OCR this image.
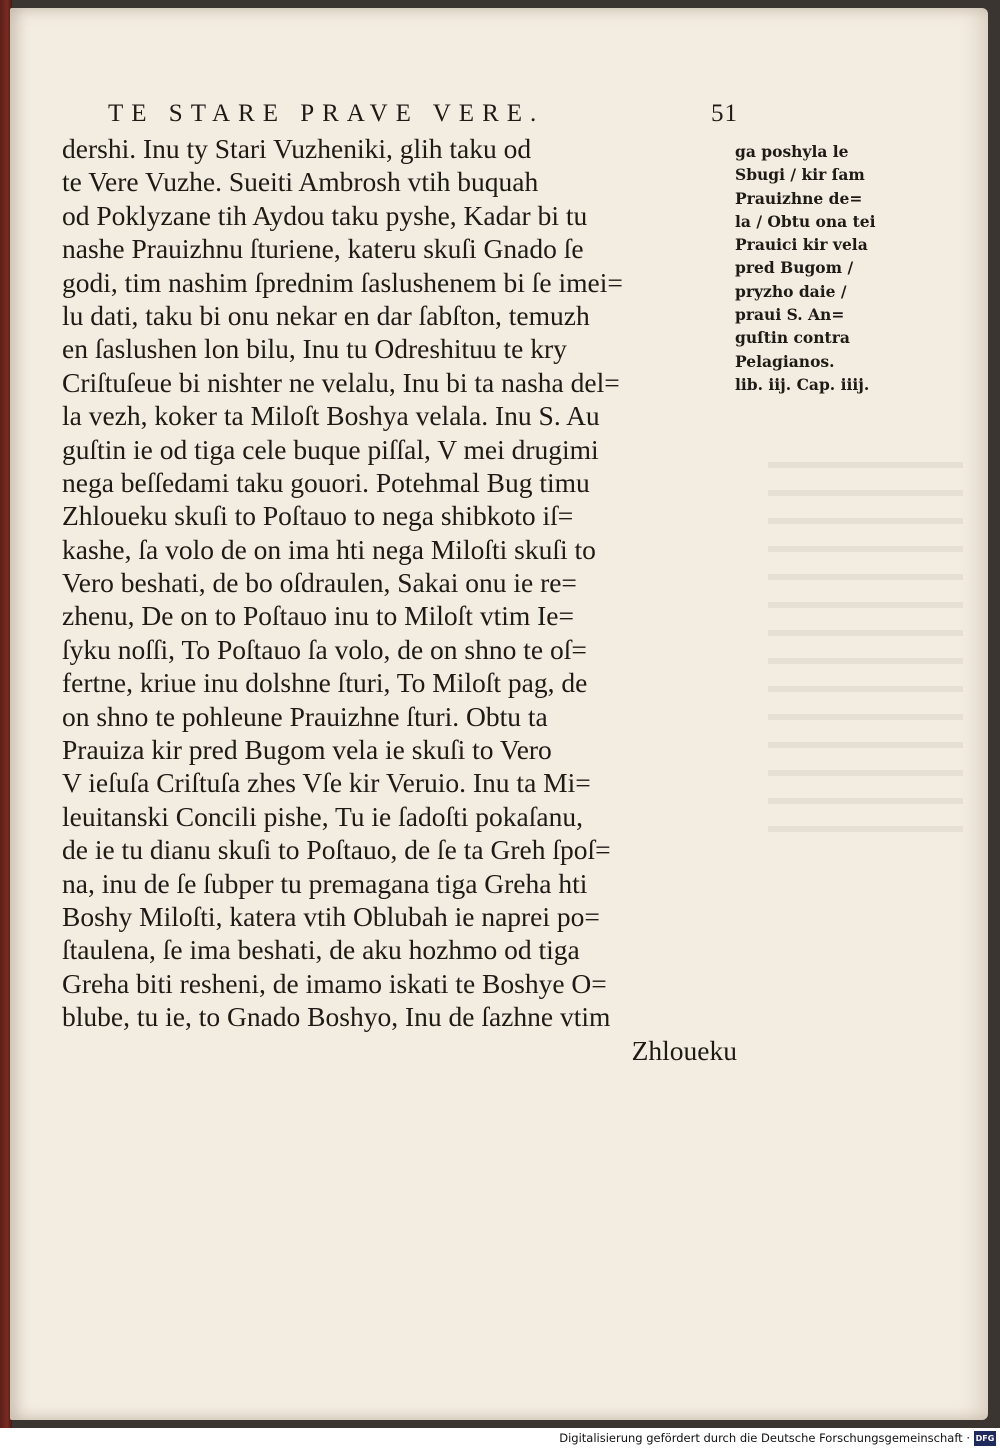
TE STARE PRAVE VERE.	51
dershi. Inu ty Stari Vuzheniki, glih taku od
te Vere Vuzhe. Sueiti Ambrosh vtih buquah
od Poklyzane tih Aydou taku pyshe, Kadar bi tu
nashe Prauizhnu ſturiene, kateru skuſi Gnado ſe
godi, tim nashim ſprednim ſaslushenem bi ſe imei=
lu dati, taku bi onu nekar en dar ſabſton, temuzh
en ſaslushen lon bilu, Inu tu Odreshituu te kry
Criſtuſeue bi nishter ne velalu, Inu bi ta nasha del=
la vezh, koker ta Miloſt Boshya velala. Inu S. Au
guſtin ie od tiga cele buque piſſal, V mei drugimi
nega beſſedami taku gouori. Potehmal Bug timu
Zhloueku skuſi to Poſtauo to nega shibkoto iſ=
kashe, ſa volo de on ima hti nega Miloſti skuſi to
Vero beshati, de bo oſdraulen, Sakai onu ie re=
zhenu, De on to Poſtauo inu to Miloſt vtim Ie=
ſyku noſſi, To Poſtauo ſa volo, de on shno te oſ=
fertne, kriue inu dolshne ſturi, To Miloſt pag, de
on shno te pohleune Prauizhne ſturi. Obtu ta
Prauiza kir pred Bugom vela ie skuſi to Vero
V ieſuſa Criſtuſa zhes Vſe kir Veruio. Inu ta Mi=
leuitanski Concili pishe, Tu ie ſadoſti pokaſanu,
de ie tu dianu skuſi to Poſtauo, de ſe ta Greh ſpoſ=
na, inu de ſe ſubper tu premagana tiga Greha hti
Boshy Miloſti, katera vtih Oblubah ie naprei po=
ſtaulena, ſe ima beshati, de aku hozhmo od tiga
Greha biti resheni, de imamo iskati te Boshye O=
blube, tu ie, to Gnado Boshyo, Inu de ſazhne vtim
Zhloueku
ga poshyla le
Sbugi / kir ſam
Prauizhne de=
la / Obtu ona tei
Prauici kir vela
pred Bugom /
pryzho daie /
praui S. An=
guſtin contra
Pelagianos.
lib. iij. Cap. iiij.
Digitalisierung gefördert durch die Deutsche Forschungsgemeinschaft · DFG
